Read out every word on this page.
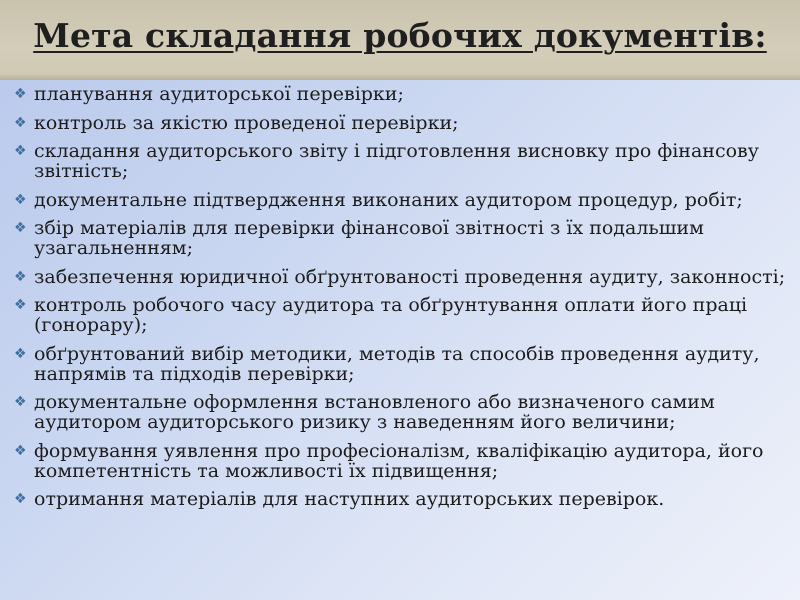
Мета складання робочих документів:
❖ планування аудиторської перевірки;
❖ контроль за якістю проведеної перевірки;
❖ складання аудиторського звіту і підготовлення висновку про фінансову звітність;
❖ документальне підтвердження виконаних аудитором процедур, робіт;
❖ збір матеріалів для перевірки фінансової звітності з їх подальшим узагальненням;
❖ забезпечення юридичної обґрунтованості проведення аудиту, законності;
❖ контроль робочого часу аудитора та обґрунтування оплати його праці (гонорару);
❖ обґрунтований вибір методики, методів та способів проведення аудиту, напрямів та підходів перевірки;
❖ документальне оформлення встановленого або визначеного самим аудитором аудиторського ризику з наведенням його величини;
❖ формування уявлення про професіоналізм, кваліфікацію аудитора, його компетентність та можливості їх підвищення;
❖ отримання матеріалів для наступних аудиторських перевірок.
